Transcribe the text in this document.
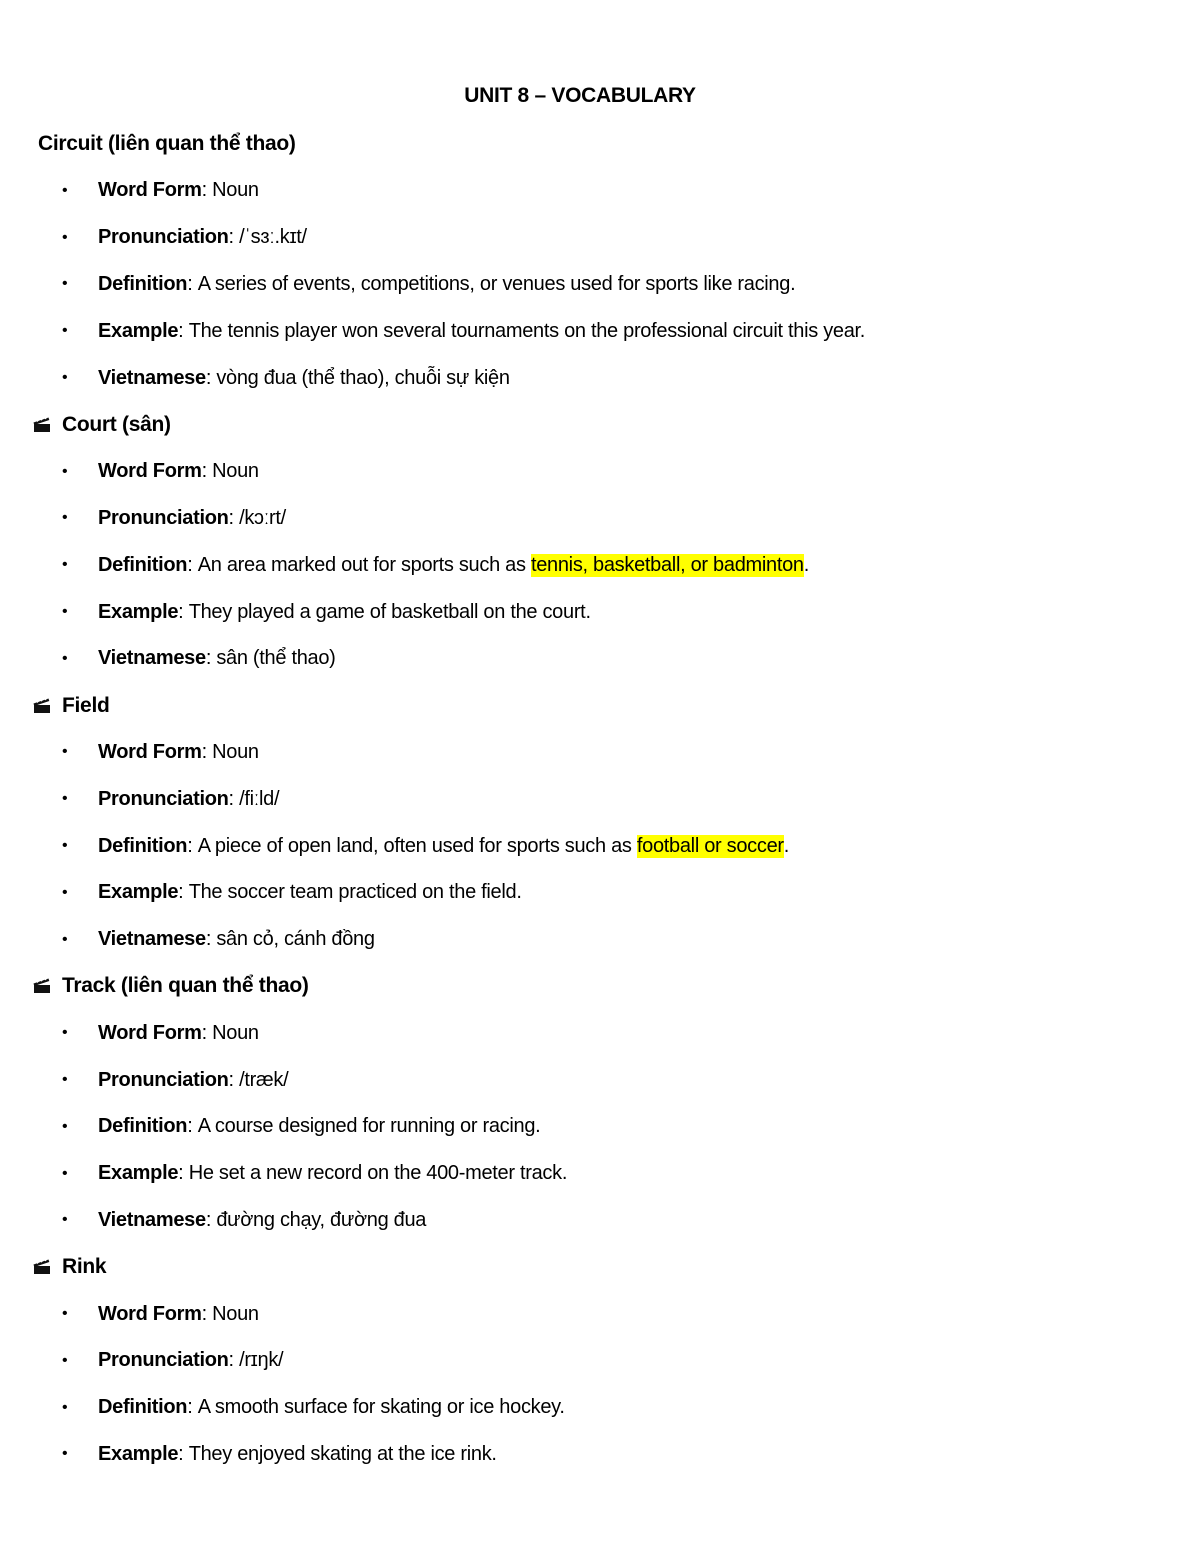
UNIT 8 – VOCABULARY
Circuit (liên quan thể thao)
•	Word Form : Noun
•	Pronunciation : /ˈsɜː.kɪt/
•	Definition : A series of events, competitions, or venues used for sports like racing.
•	Example : The tennis player won several tournaments on the professional circuit this year.
•	Vietnamese : vòng đua (thể thao), chuỗi sự kiện
Court (sân)
•	Word Form : Noun
•	Pronunciation : /kɔːrt/
•	Definition : An area marked out for sports such as tennis, basketball, or badminton .
•	Example : They played a game of basketball on the court.
•	Vietnamese : sân (thể thao)
Field
•	Word Form : Noun
•	Pronunciation : /fiːld/
•	Definition : A piece of open land, often used for sports such as football or soccer .
•	Example : The soccer team practiced on the field.
•	Vietnamese : sân cỏ, cánh đồng
Track (liên quan thể thao)
•	Word Form : Noun
•	Pronunciation : /træk/
•	Definition : A course designed for running or racing.
•	Example : He set a new record on the 400-meter track.
•	Vietnamese : đường chạy, đường đua
Rink
•	Word Form : Noun
•	Pronunciation : /rɪŋk/
•	Definition : A smooth surface for skating or ice hockey.
•	Example : They enjoyed skating at the ice rink.
